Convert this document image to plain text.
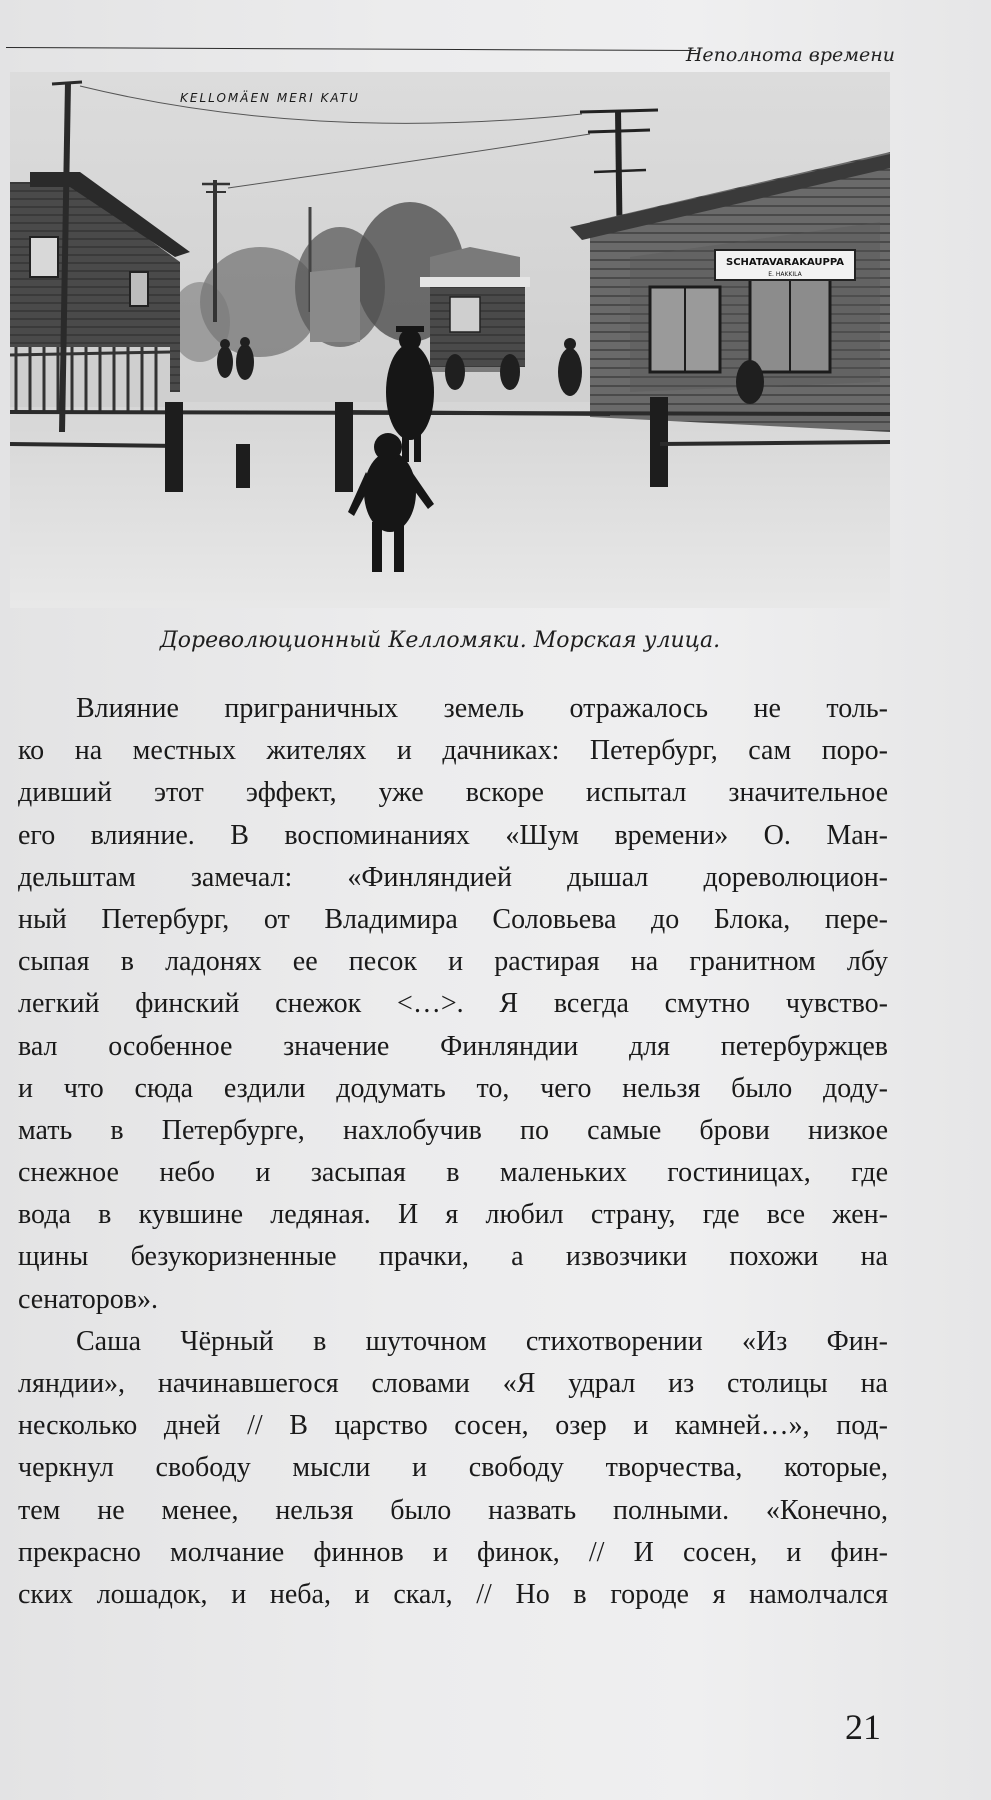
Неполнота времени
SCHATAVARAKAUPPA
E. HAKKILA
KELLOMÄEN MERI KATU
Дореволюционный Келломяки. Морская улица.
Влияние приграничных земель отражалось не толь-
ко на местных жителях и дачниках: Петербург, сам поро-
дивший этот эффект, уже вскоре испытал значительное
его влияние. В воспоминаниях «Шум времени» О. Ман-
дельштам замечал: «Финляндией дышал дореволюцион-
ный Петербург, от Владимира Соловьева до Блока, пере-
сыпая в ладонях ее песок и растирая на гранитном лбу
легкий финский снежок <…>. Я всегда смутно чувство-
вал особенное значение Финляндии для петербуржцев
и что сюда ездили додумать то, чего нельзя было доду-
мать в Петербурге, нахлобучив по самые брови низкое
снежное небо и засыпая в маленьких гостиницах, где
вода в кувшине ледяная. И я любил страну, где все жен-
щины безукоризненные прачки, а извозчики похожи на
сенаторов».
Саша Чёрный в шуточном стихотворении «Из Фин-
ляндии», начинавшегося словами «Я удрал из столицы на
несколько дней // В царство сосен, озер и камней…», под-
черкнул свободу мысли и свободу творчества, которые,
тем не менее, нельзя было назвать полными. «Конечно,
прекрасно молчание финнов и финок, // И сосен, и фин-
ских лошадок, и неба, и скал, // Но в городе я намолчался
21
